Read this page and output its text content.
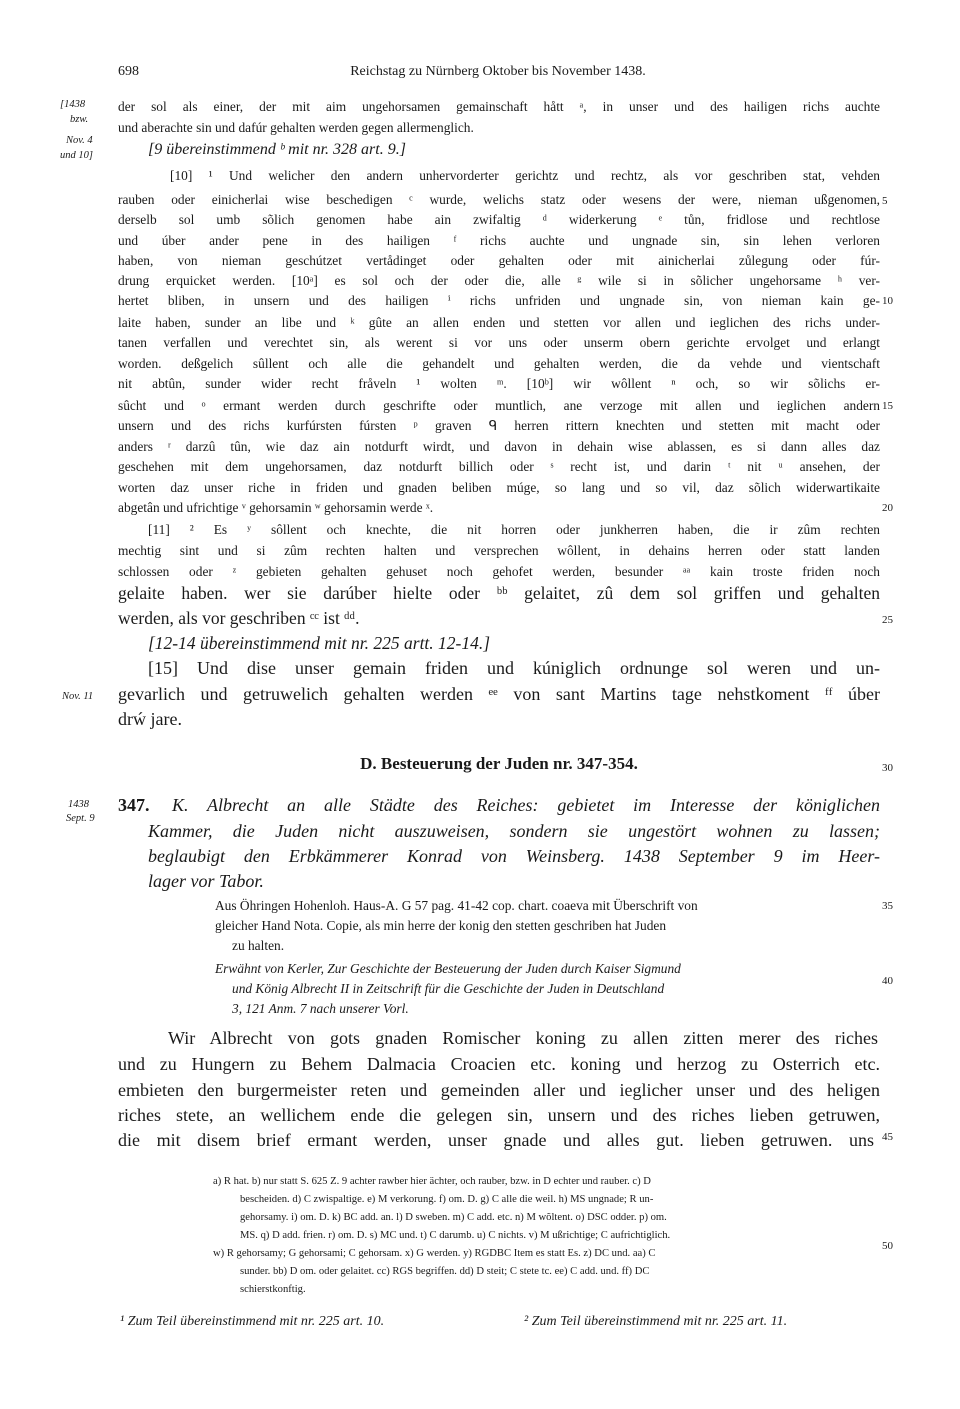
698	Reichstag zu Nürnberg Oktober bis November 1438.
[1438
bzw.
Nov. 4
und 10]
Nov. 11
1438
Sept. 9
5
10
15
20
25
30
35
40
45
50
der sol als einer, der mit aim ungehorsamen gemainschaft hått ᵃ, in unser und des hailigen richs auchte
und aberachte sin und dafúr gehalten werden gegen allermenglich.
[9 übereinstimmend ᵇ mit nr. 328 art. 9.]
[10] ¹ Und welicher den andern unhervorderter gerichtz und rechtz, als vor geschriben stat, vehden
rauben oder einicherlai wise beschedigen ᶜ wurde, welichs statz oder wesens der were, nieman ußgenomen,
derselb sol umb sõlich genomen habe ain zwifaltig ᵈ widerkerung ᵉ tůn, fridlose und rechtlose
und úber ander pene in des hailigen ᶠ richs auchte und ungnade sin, sin lehen verloren
haben, von nieman geschútzet vertådinget oder gehalten oder mit ainicherlai zůlegung oder fúr-
drung erquicket werden. [10ᵃ] es sol och der oder die, alle ᵍ wile si in sõlicher ungehorsame ʰ ver-
hertet bliben, in unsern und des hailigen ⁱ richs unfriden und ungnade sin, von nieman kain ge-
laite haben, sunder an libe und ᵏ gûte an allen enden und stetten vor allen und ieglichen des richs under-
tanen verfallen und verechtet sin, als werent si vor uns oder unserm obern gerichte ervolget und erlangt
worden. deßgelich sûllent och alle die gehandelt und gehalten werden, die da vehde und vientschaft
nit abtûn, sunder wider recht fråveln ¹ wolten ᵐ. [10ᵇ] wir wôllent ⁿ och, so wir sõlichs er-
sûcht und ᵒ ermant werden durch geschrifte oder muntlich, ane verzoge mit allen und ieglichen andern
unsern und des richs kurfúrsten fúrsten ᵖ graven ᑫ herren rittern knechten und stetten mit macht oder
anders ʳ darzû tûn, wie daz ain notdurft wirdt, und davon in dehain wise ablassen, es si dann alles daz
geschehen mit dem ungehorsamen, daz notdurft billich oder ˢ recht ist, und darin ᵗ nit ᵘ ansehen, der
worten daz unser riche in friden und gnaden beliben múge, so lang und so vil, daz sõlich widerwartikaite
abgetân und ufrichtige ᵛ gehorsamin ʷ gehorsamin werde ˣ.
[11] ² Es ʸ sôllent och knechte, die nit horren oder junkherren haben, die ir zûm rechten
mechtig sint und si zûm rechten halten und versprechen wôllent, in dehains herren oder statt landen
schlossen oder ᶻ gebieten gehalten gehuset noch gehofet werden, besunder ᵃᵃ kain troste friden noch
gelaite haben. wer sie darúber hielte oder ᵇᵇ gelaitet, zû dem sol griffen und gehalten
werden, als vor geschriben ᶜᶜ ist ᵈᵈ.
[12-14 übereinstimmend mit nr. 225 artt. 12-14.]
[15] Und dise unser gemain friden und kúniglich ordnunge sol weren und un-
gevarlich und getruwelich gehalten werden ᵉᵉ von sant Martins tage nehstkoment ᶠᶠ úber
drẃ jare.
D. Besteuerung der Juden nr. 347-354.
347.	K. Albrecht an alle Städte des Reiches: gebietet im Interesse der königlichen
Kammer, die Juden nicht auszuweisen, sondern sie ungestört wohnen zu lassen;
beglaubigt den Erbkämmerer Konrad von Weinsberg. 1438 September 9 im Heer-
lager vor Tabor.
Aus Öhringen Hohenloh. Haus-A. G 57 pag. 41-42 cop. chart. coaeva mit Überschrift von
gleicher Hand Nota. Copie, als min herre der konig den stetten geschriben hat Juden
zu halten.
Erwähnt von Kerler, Zur Geschichte der Besteuerung der Juden durch Kaiser Sigmund
und König Albrecht II in Zeitschrift für die Geschichte der Juden in Deutschland
3, 121 Anm. 7 nach unserer Vorl.
Wir Albrecht von gots gnaden Romischer koning zu allen zitten merer des riches
und zu Hungern zu Behem Dalmacia Croacien etc. koning und herzog zu Osterrich etc.
embieten den burgermeister reten und gemeinden aller und ieglicher unser und des heligen
riches stete, an wellichem ende die gelegen sin, unsern und des riches lieben getruwen,
die mit disem brief ermant werden, unser gnade und alles gut. lieben getruwen. uns
a) R hat. b) nur statt S. 625 Z. 9 achter rawber hier ächter, och rauber, bzw. in D echter und rauber. c) D
bescheiden. d) C zwispaltige. e) M verkorung. f) om. D. g) C alle die weil. h) MS ungnade; R un-
gehorsamy. i) om. D. k) BC add. an. l) D sweben. m) C add. etc. n) M wõltent. o) DSC odder. p) om.
MS. q) D add. frien. r) om. D. s) MC und. t) C darumb. u) C nichts. v) M ußrichtige; C aufrichtiglich.
w) R gehorsamy; G gehorsami; C gehorsam. x) G werden. y) RGDBC Item es statt Es. z) DC und. aa) C
sunder. bb) D om. oder gelaitet. cc) RGS begriffen. dd) D steit; C stete tc. ee) C add. und. ff) DC
schierstkonftig.
¹ Zum Teil übereinstimmend mit nr. 225 art. 10.	² Zum Teil übereinstimmend mit nr. 225 art. 11.
